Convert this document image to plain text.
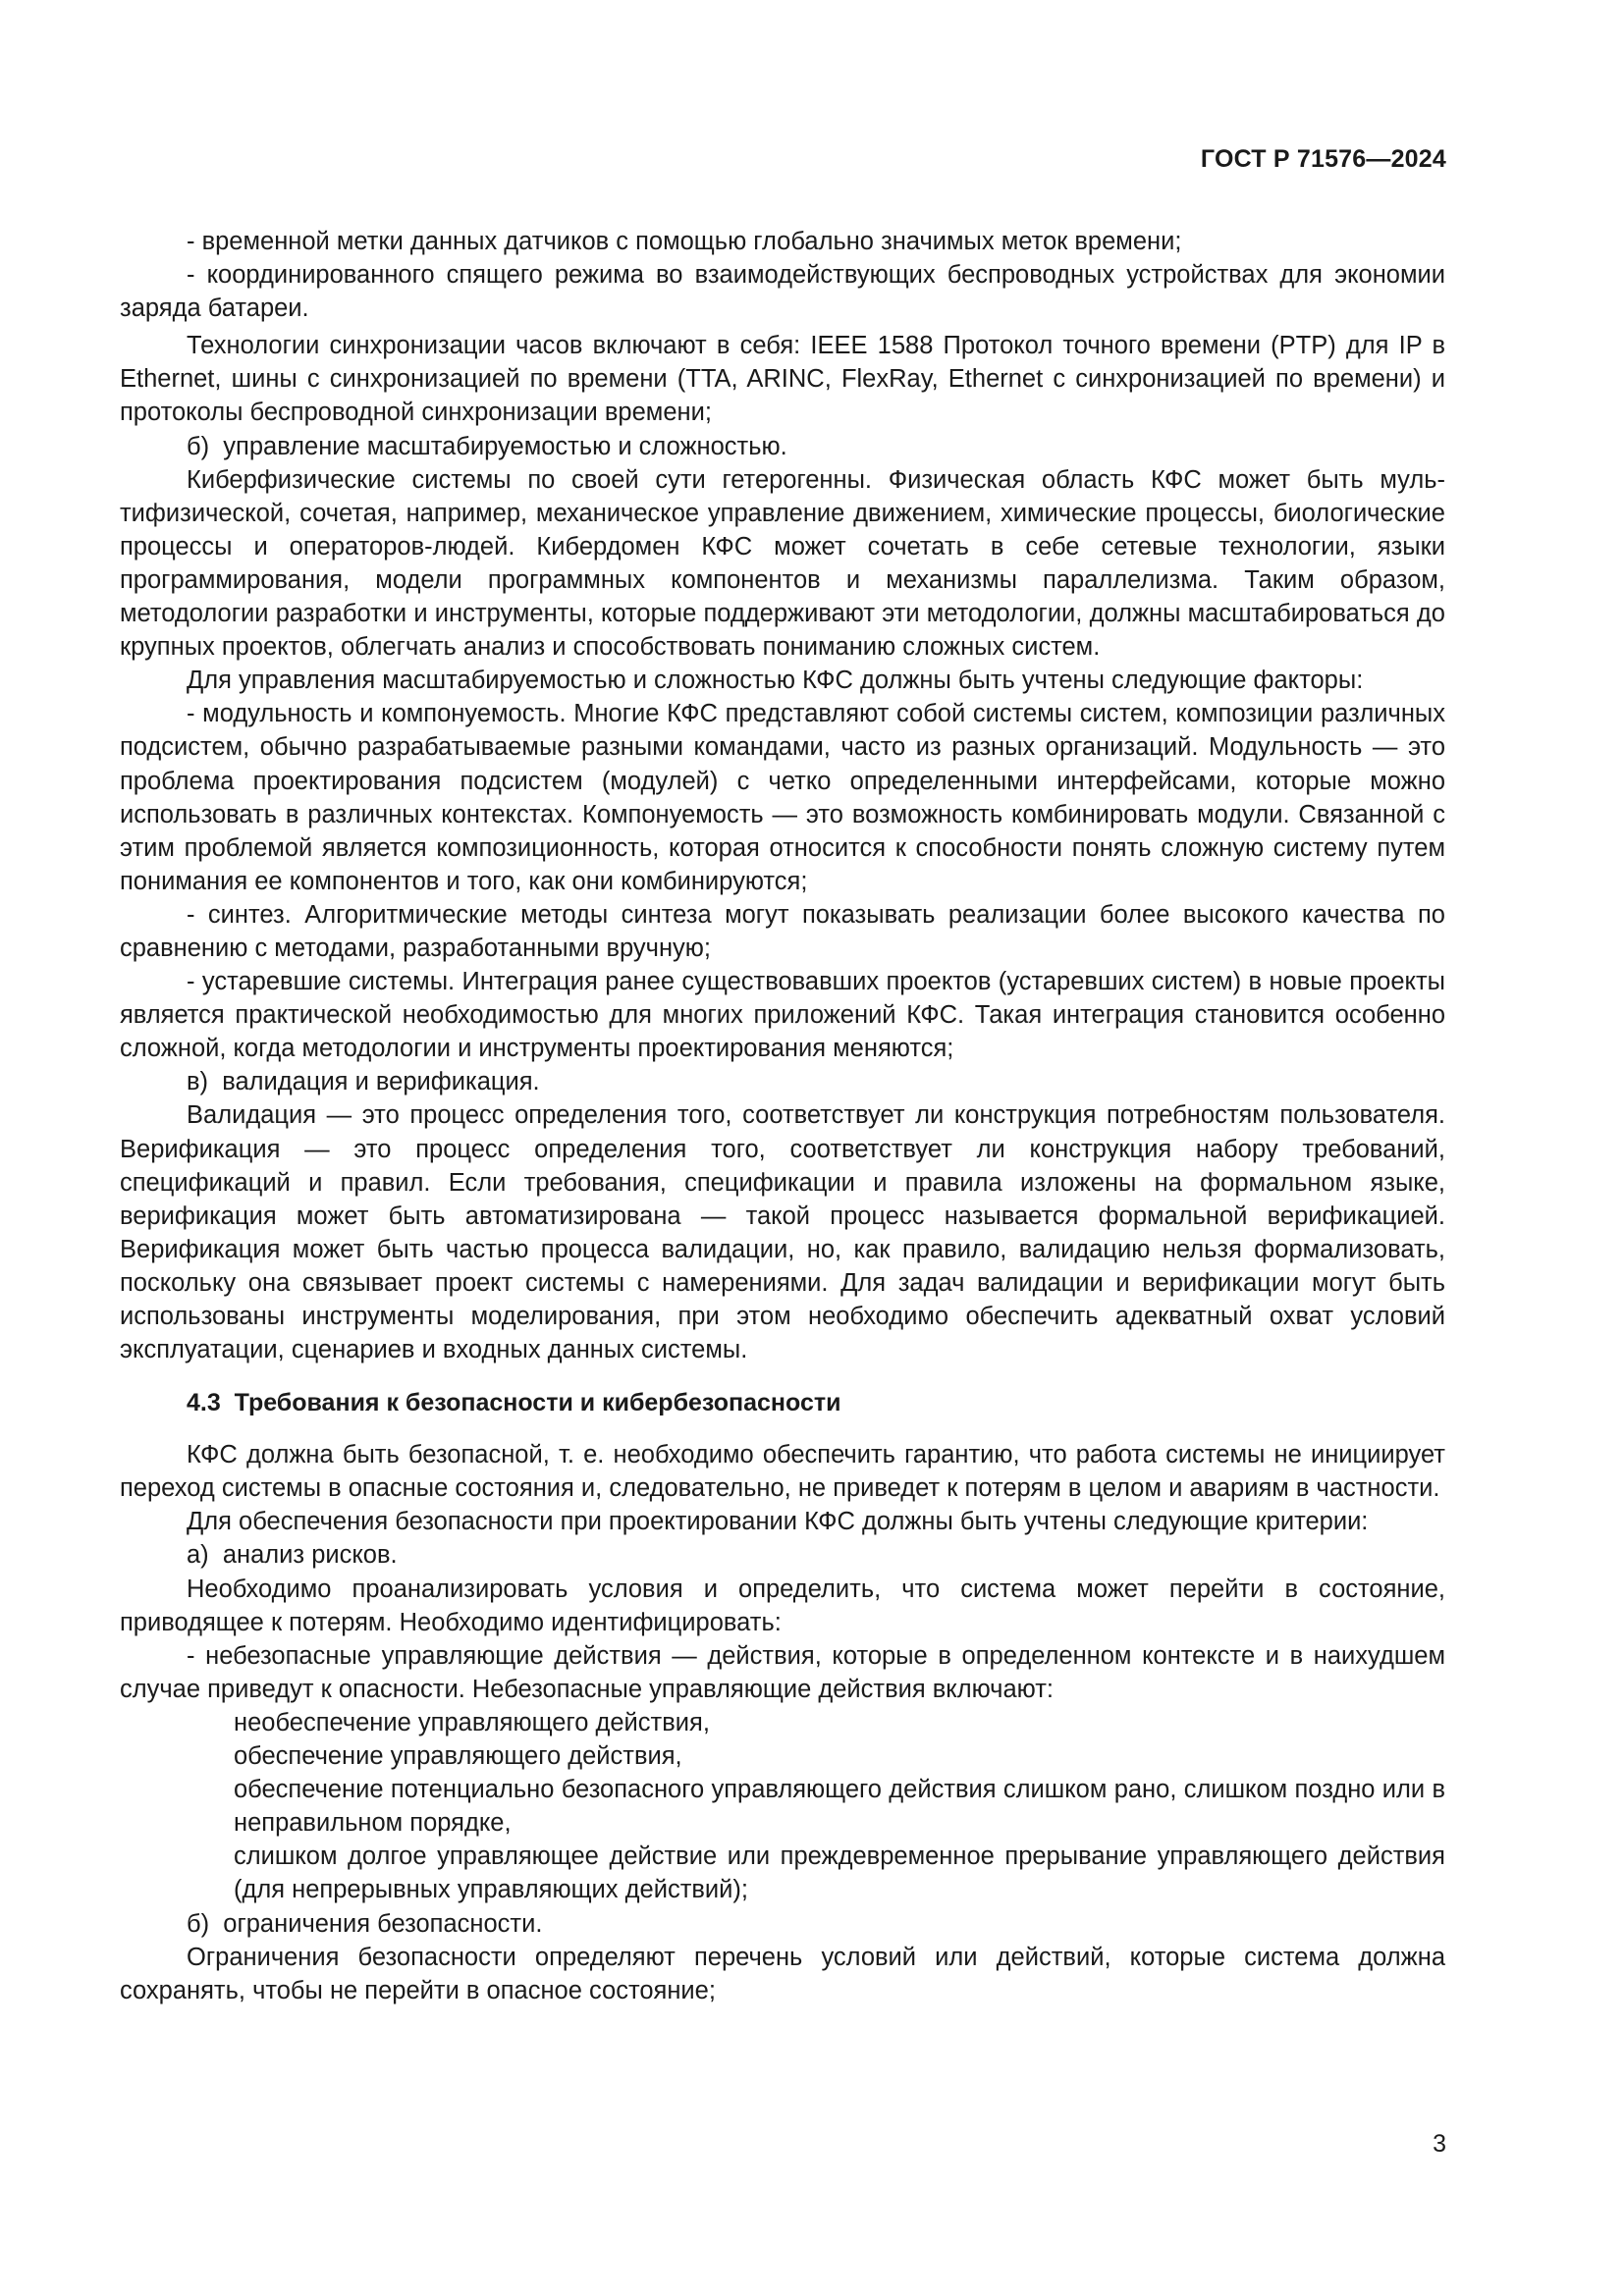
ГОСТ Р 71576—2024

- временной метки данных датчиков с помощью глобально значимых меток времени;

- координированного спящего режима во взаимодействующих беспроводных устройствах для экономии заряда батареи.

Технологии синхронизации часов включают в себя: IEEE 1588 Протокол точного времени (PTP) для IP в Ethernet, шины с синхронизацией по времени (TTA, ARINC, FlexRay, Ethernet с синхронизацией по времени) и протоколы беспроводной синхронизации времени;

б)  управление масштабируемостью и сложностью.

Киберфизические системы по своей сути гетерогенны. Физическая область КФС может быть мультифизической, сочетая, например, механическое управление движением, химические процессы, биологические процессы и операторов-людей. Кибердомен КФС может сочетать в себе сетевые технологии, языки программирования, модели программных компонентов и механизмы параллелизма. Таким образом, методологии разработки и инструменты, которые поддерживают эти методологии, должны масштабироваться до крупных проектов, облегчать анализ и способствовать пониманию сложных систем.

Для управления масштабируемостью и сложностью КФС должны быть учтены следующие факторы:

- модульность и компонуемость. Многие КФС представляют собой системы систем, композиции различных подсистем, обычно разрабатываемые разными командами, часто из разных организаций. Модульность — это проблема проектирования подсистем (модулей) с четко определенными интерфейсами, которые можно использовать в различных контекстах. Компонуемость — это возможность комбинировать модули. Связанной с этим проблемой является композиционность, которая относится к способности понять сложную систему путем понимания ее компонентов и того, как они комбинируются;

- синтез. Алгоритмические методы синтеза могут показывать реализации более высокого качества по сравнению с методами, разработанными вручную;

- устаревшие системы. Интеграция ранее существовавших проектов (устаревших систем) в новые проекты является практической необходимостью для многих приложений КФС. Такая интеграция становится особенно сложной, когда методологии и инструменты проектирования меняются;

в)  валидация и верификация.

Валидация — это процесс определения того, соответствует ли конструкция потребностям пользователя. Верификация — это процесс определения того, соответствует ли конструкция набору требований, спецификаций и правил. Если требования, спецификации и правила изложены на формальном языке, верификация может быть автоматизирована — такой процесс называется формальной верификацией. Верификация может быть частью процесса валидации, но, как правило, валидацию нельзя формализовать, поскольку она связывает проект системы с намерениями. Для задач валидации и верификации могут быть использованы инструменты моделирования, при этом необходимо обеспечить адекватный охват условий эксплуатации, сценариев и входных данных системы.

4.3  Требования к безопасности и кибербезопасности

КФС должна быть безопасной, т. е. необходимо обеспечить гарантию, что работа системы не инициирует переход системы в опасные состояния и, следовательно, не приведет к потерям в целом и авариям в частности.

Для обеспечения безопасности при проектировании КФС должны быть учтены следующие критерии:

а)  анализ рисков.

Необходимо проанализировать условия и определить, что система может перейти в состояние, приводящее к потерям. Необходимо идентифицировать:

- небезопасные управляющие действия — действия, которые в определенном контексте и в наихудшем случае приведут к опасности. Небезопасные управляющие действия включают:

необеспечение управляющего действия,

обеспечение управляющего действия,

обеспечение потенциально безопасного управляющего действия слишком рано, слишком поздно или в неправильном порядке,

слишком долгое управляющее действие или преждевременное прерывание управляющего действия (для непрерывных управляющих действий);

б)  ограничения безопасности.

Ограничения безопасности определяют перечень условий или действий, которые система должна сохранять, чтобы не перейти в опасное состояние;

3
